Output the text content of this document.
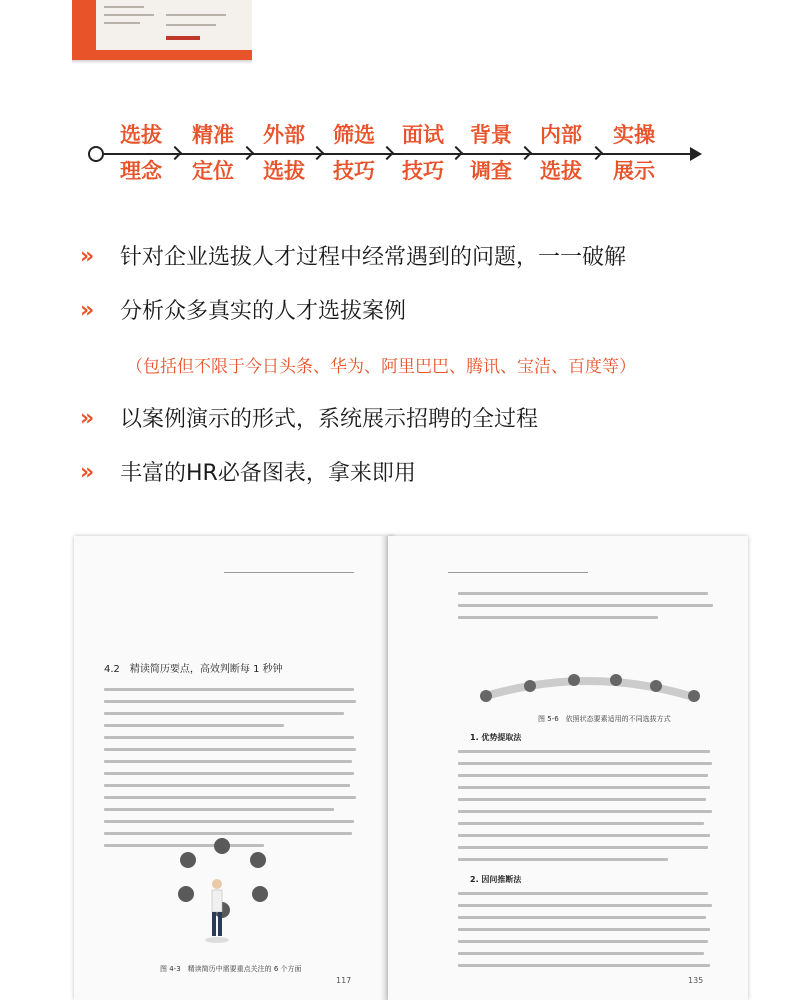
选拔
理念
精准
定位
外部
选拔
筛选
技巧
面试
技巧
背景
调查
内部
选拔
实操
展示
» 针对企业选拔人才过程中经常遇到的问题，一一破解
» 分析众多真实的人才选拔案例
（包括但不限于今日头条、华为、阿里巴巴、腾讯、宝洁、百度等）
» 以案例演示的形式，系统展示招聘的全过程
» 丰富的HR必备图表，拿来即用
4.2　精读简历要点，高效判断每 1 秒钟
图 4-3　精读简历中需要重点关注的 6 个方面
117
图 5-6　依照状态要素适用的不同选拔方式
1. 优势提取法
2. 因问推断法
135
